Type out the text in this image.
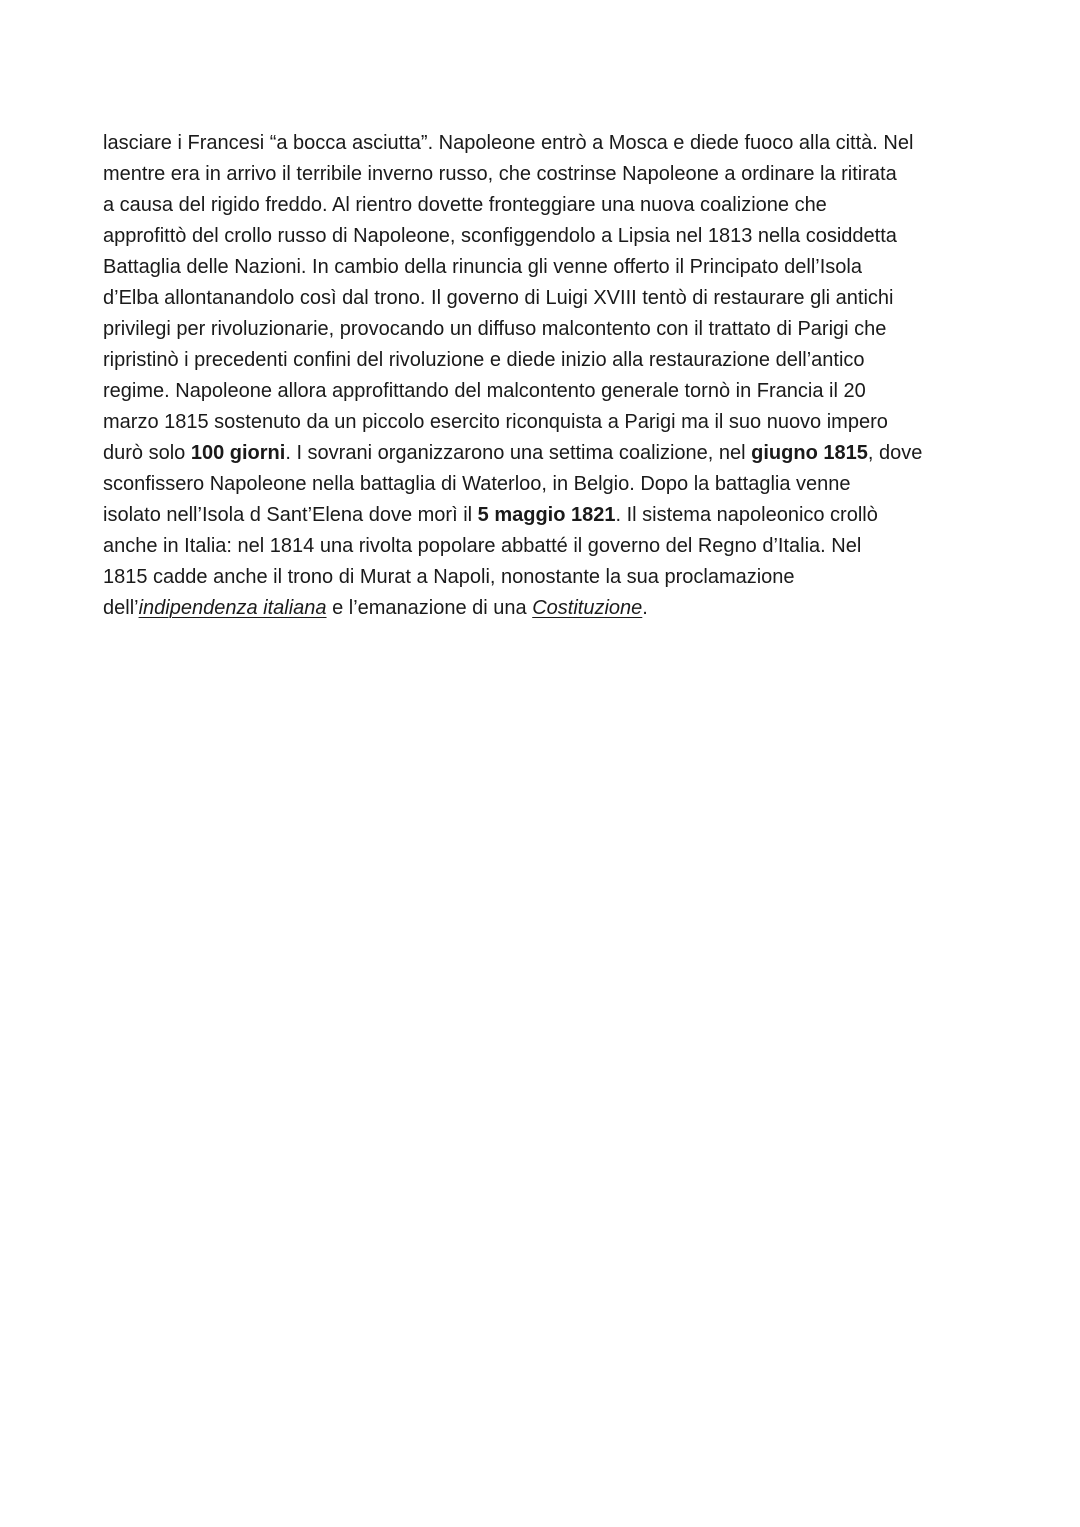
lasciare i Francesi “a bocca asciutta”. Napoleone entrò a Mosca e diede fuoco alla città. Nel
mentre era in arrivo il terribile inverno russo, che costrinse Napoleone a ordinare la ritirata
a causa del rigido freddo. Al rientro dovette fronteggiare una nuova coalizione che
approfittò del crollo russo di Napoleone, sconfiggendolo a Lipsia nel 1813 nella cosiddetta
Battaglia delle Nazioni. In cambio della rinuncia gli venne offerto il Principato dell’Isola
d’Elba allontanandolo così dal trono. Il governo di Luigi XVIII tentò di restaurare gli antichi
privilegi per rivoluzionarie, provocando un diffuso malcontento con il trattato di Parigi che
ripristinò i precedenti confini del rivoluzione e diede inizio alla restaurazione dell’antico
regime. Napoleone allora approfittando del malcontento generale tornò in Francia il 20
marzo 1815 sostenuto da un piccolo esercito riconquista a Parigi ma il suo nuovo impero
durò solo 100 giorni. I sovrani organizzarono una settima coalizione, nel giugno 1815, dove
sconfissero Napoleone nella battaglia di Waterloo, in Belgio. Dopo la battaglia venne
isolato nell’Isola d Sant’Elena dove morì il 5 maggio 1821. Il sistema napoleonico crollò
anche in Italia: nel 1814 una rivolta popolare abbatté il governo del Regno d’Italia. Nel
1815 cadde anche il trono di Murat a Napoli, nonostante la sua proclamazione
dell’indipendenza italiana e l’emanazione di una Costituzione.
